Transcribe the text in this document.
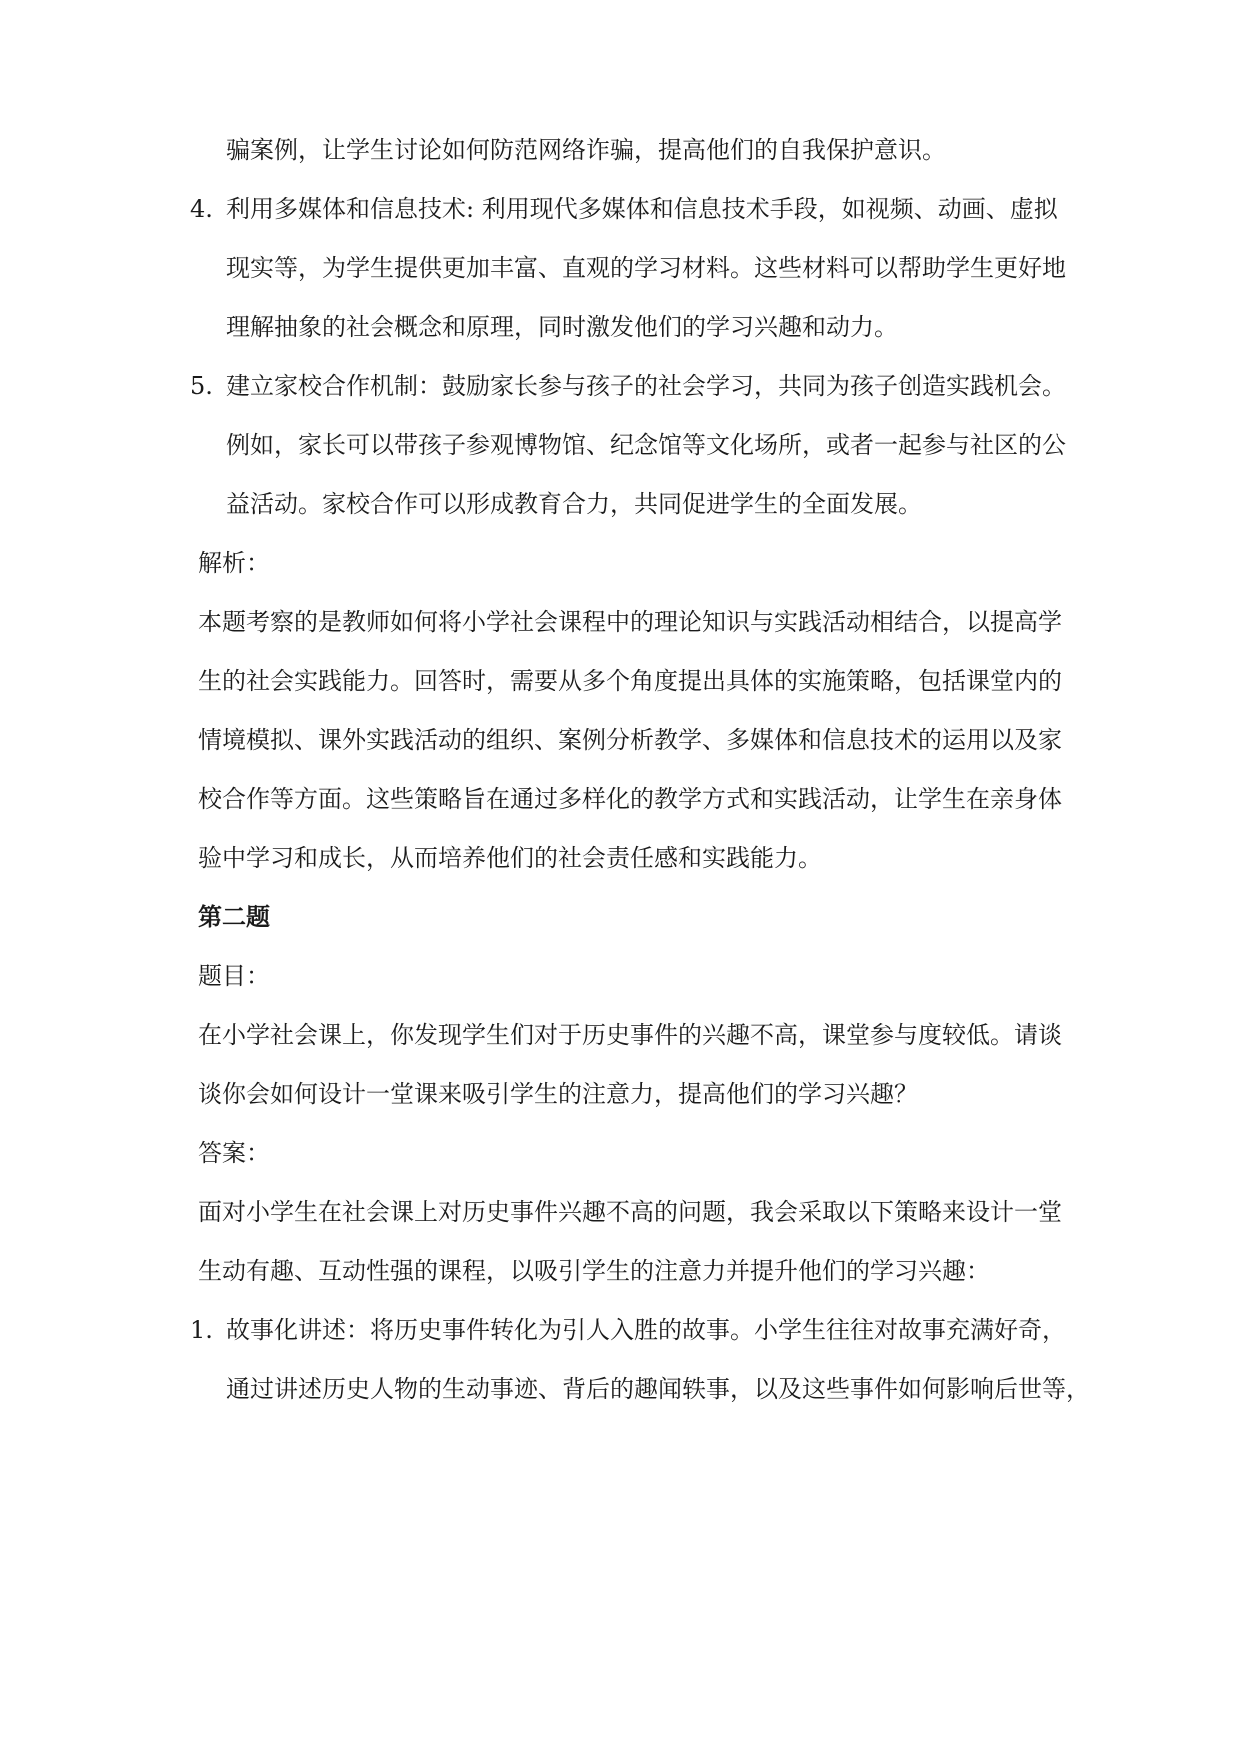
骗案例，让学生讨论如何防范网络诈骗，提高他们的自我保护意识。
4. 利用多媒体和信息技术: 利用现代多媒体和信息技术手段，如视频、动画、虚拟
现实等，为学生提供更加丰富、直观的学习材料。这些材料可以帮助学生更好地
理解抽象的社会概念和原理，同时激发他们的学习兴趣和动力。
5. 建立家校合作机制：鼓励家长参与孩子的社会学习，共同为孩子创造实践机会。
例如，家长可以带孩子参观博物馆、纪念馆等文化场所，或者一起参与社区的公
益活动。家校合作可以形成教育合力，共同促进学生的全面发展。
解析：
本题考察的是教师如何将小学社会课程中的理论知识与实践活动相结合，以提高学
生的社会实践能力。回答时，需要从多个角度提出具体的实施策略，包括课堂内的
情境模拟、课外实践活动的组织、案例分析教学、多媒体和信息技术的运用以及家
校合作等方面。这些策略旨在通过多样化的教学方式和实践活动，让学生在亲身体
验中学习和成长，从而培养他们的社会责任感和实践能力。
第二题
题目：
在小学社会课上，你发现学生们对于历史事件的兴趣不高，课堂参与度较低。请谈
谈你会如何设计一堂课来吸引学生的注意力，提高他们的学习兴趣？
答案：
面对小学生在社会课上对历史事件兴趣不高的问题，我会采取以下策略来设计一堂
生动有趣、互动性强的课程，以吸引学生的注意力并提升他们的学习兴趣：
1. 故事化讲述：将历史事件转化为引人入胜的故事。小学生往往对故事充满好奇，
通过讲述历史人物的生动事迹、背后的趣闻轶事，以及这些事件如何影响后世等，
